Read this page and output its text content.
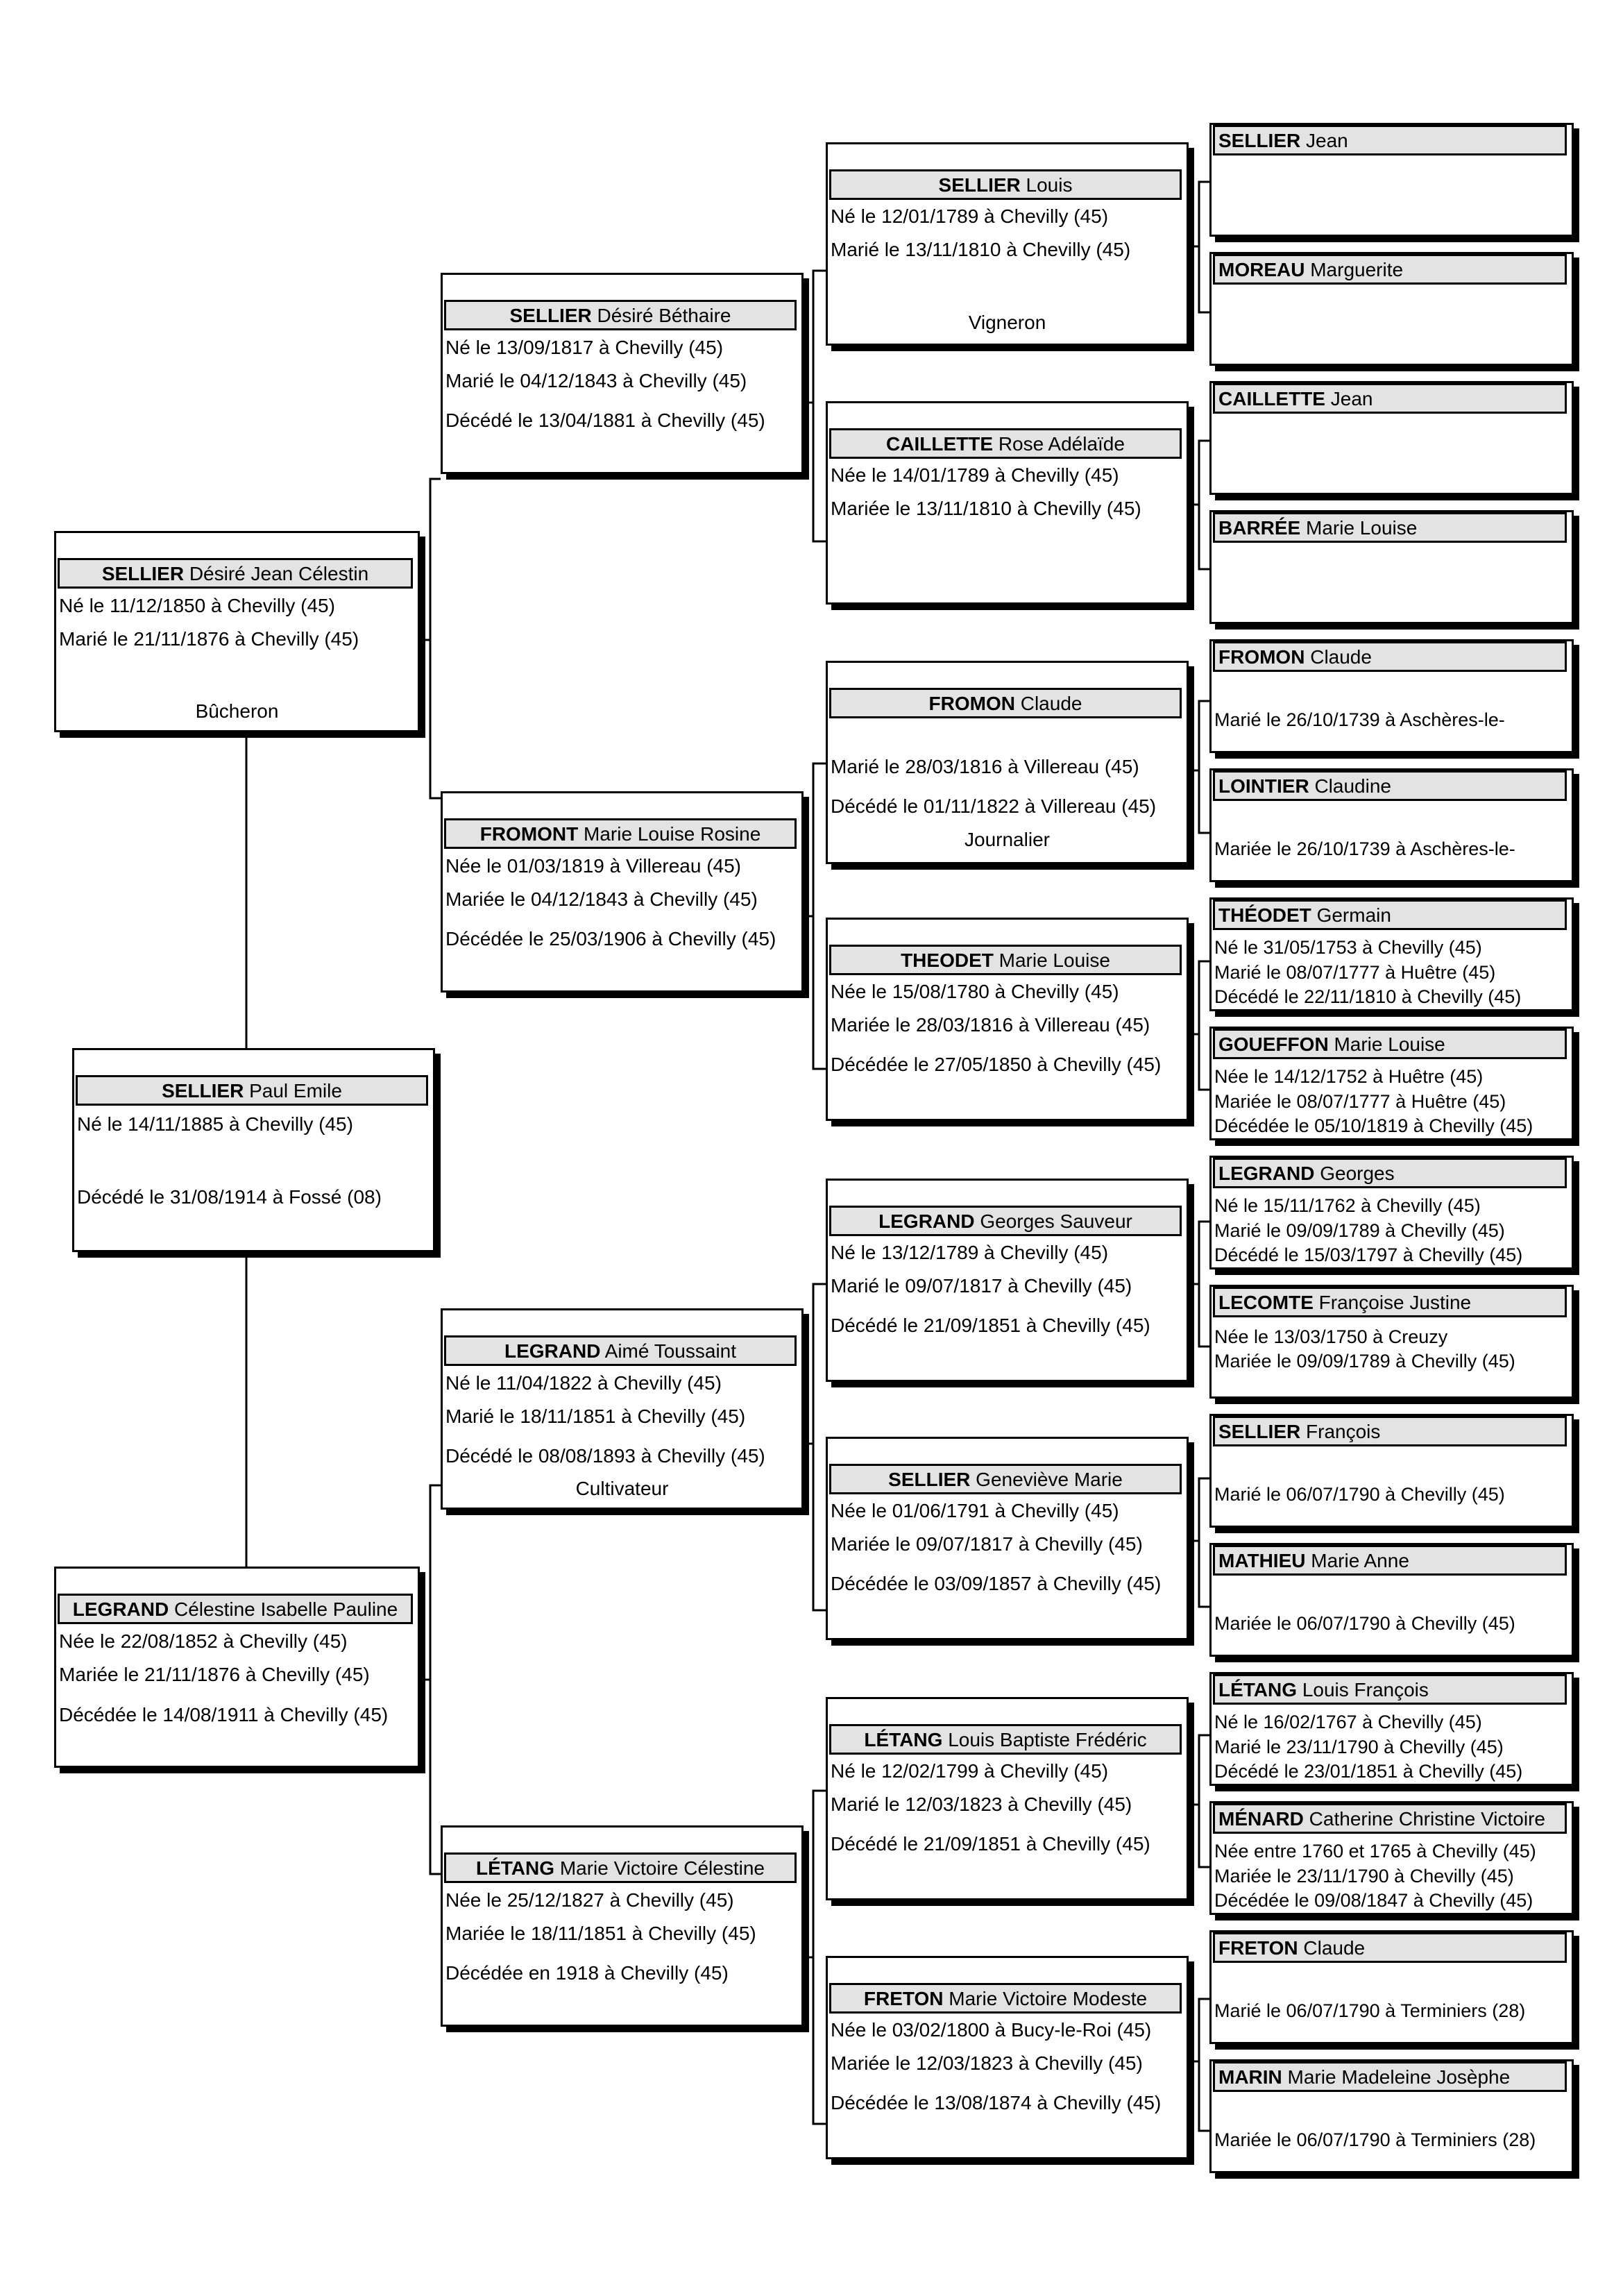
SELLIER Paul Emile
Né le 14/11/1885 à Chevilly (45)
Décédé le 31/08/1914 à Fossé (08)
SELLIER Désiré Jean Célestin
Né le 11/12/1850 à Chevilly (45)
Marié le 21/11/1876 à Chevilly (45)
Bûcheron
LEGRAND Célestine Isabelle Pauline
Née le 22/08/1852 à Chevilly (45)
Mariée le 21/11/1876 à Chevilly (45)
Décédée le 14/08/1911 à Chevilly (45)
SELLIER Désiré Béthaire
Né le 13/09/1817 à Chevilly (45)
Marié le 04/12/1843 à Chevilly (45)
Décédé le 13/04/1881 à Chevilly (45)
FROMONT Marie Louise Rosine
Née le 01/03/1819 à Villereau (45)
Mariée le 04/12/1843 à Chevilly (45)
Décédée le 25/03/1906 à Chevilly (45)
LEGRAND Aimé Toussaint
Né le 11/04/1822 à Chevilly (45)
Marié le 18/11/1851 à Chevilly (45)
Décédé le 08/08/1893 à Chevilly (45)
Cultivateur
LÉTANG Marie Victoire Célestine
Née le 25/12/1827 à Chevilly (45)
Mariée le 18/11/1851 à Chevilly (45)
Décédée en 1918 à Chevilly (45)
SELLIER Louis
Né le 12/01/1789 à Chevilly (45)
Marié le 13/11/1810 à Chevilly (45)
Vigneron
CAILLETTE Rose Adélaïde
Née le 14/01/1789 à Chevilly (45)
Mariée le 13/11/1810 à Chevilly (45)
FROMON Claude
Marié le 28/03/1816 à Villereau (45)
Décédé le 01/11/1822 à Villereau (45)
Journalier
THEODET Marie Louise
Née le 15/08/1780 à Chevilly (45)
Mariée le 28/03/1816 à Villereau (45)
Décédée le 27/05/1850 à Chevilly (45)
LEGRAND Georges Sauveur
Né le 13/12/1789 à Chevilly (45)
Marié le 09/07/1817 à Chevilly (45)
Décédé le 21/09/1851 à Chevilly (45)
SELLIER Geneviève Marie
Née le 01/06/1791 à Chevilly (45)
Mariée le 09/07/1817 à Chevilly (45)
Décédée le 03/09/1857 à Chevilly (45)
LÉTANG Louis Baptiste Frédéric
Né le 12/02/1799 à Chevilly (45)
Marié le 12/03/1823 à Chevilly (45)
Décédé le 21/09/1851 à Chevilly (45)
FRETON Marie Victoire Modeste
Née le 03/02/1800 à Bucy-le-Roi (45)
Mariée le 12/03/1823 à Chevilly (45)
Décédée le 13/08/1874 à Chevilly (45)
SELLIER Jean
MOREAU Marguerite
CAILLETTE Jean
BARRÉE Marie Louise
FROMON Claude
Marié le 26/10/1739 à Aschères-le-
LOINTIER Claudine
Mariée le 26/10/1739 à Aschères-le-
THÉODET Germain
Né le 31/05/1753 à Chevilly (45)
Marié le 08/07/1777 à Huêtre (45)
Décédé le 22/11/1810 à Chevilly (45)
GOUEFFON Marie Louise
Née le 14/12/1752 à Huêtre (45)
Mariée le 08/07/1777 à Huêtre (45)
Décédée le 05/10/1819 à Chevilly (45)
LEGRAND Georges
Né le 15/11/1762 à Chevilly (45)
Marié le 09/09/1789 à Chevilly (45)
Décédé le 15/03/1797 à Chevilly (45)
LECOMTE Françoise Justine
Née le 13/03/1750 à Creuzy
Mariée le 09/09/1789 à Chevilly (45)
SELLIER François
Marié le 06/07/1790 à Chevilly (45)
MATHIEU Marie Anne
Mariée le 06/07/1790 à Chevilly (45)
LÉTANG Louis François
Né le 16/02/1767 à Chevilly (45)
Marié le 23/11/1790 à Chevilly (45)
Décédé le 23/01/1851 à Chevilly (45)
MÉNARD Catherine Christine Victoire
Née entre 1760 et 1765 à Chevilly (45)
Mariée le 23/11/1790 à Chevilly (45)
Décédée le 09/08/1847 à Chevilly (45)
FRETON Claude
Marié le 06/07/1790 à Terminiers (28)
MARIN Marie Madeleine Josèphe
Mariée le 06/07/1790 à Terminiers (28)
